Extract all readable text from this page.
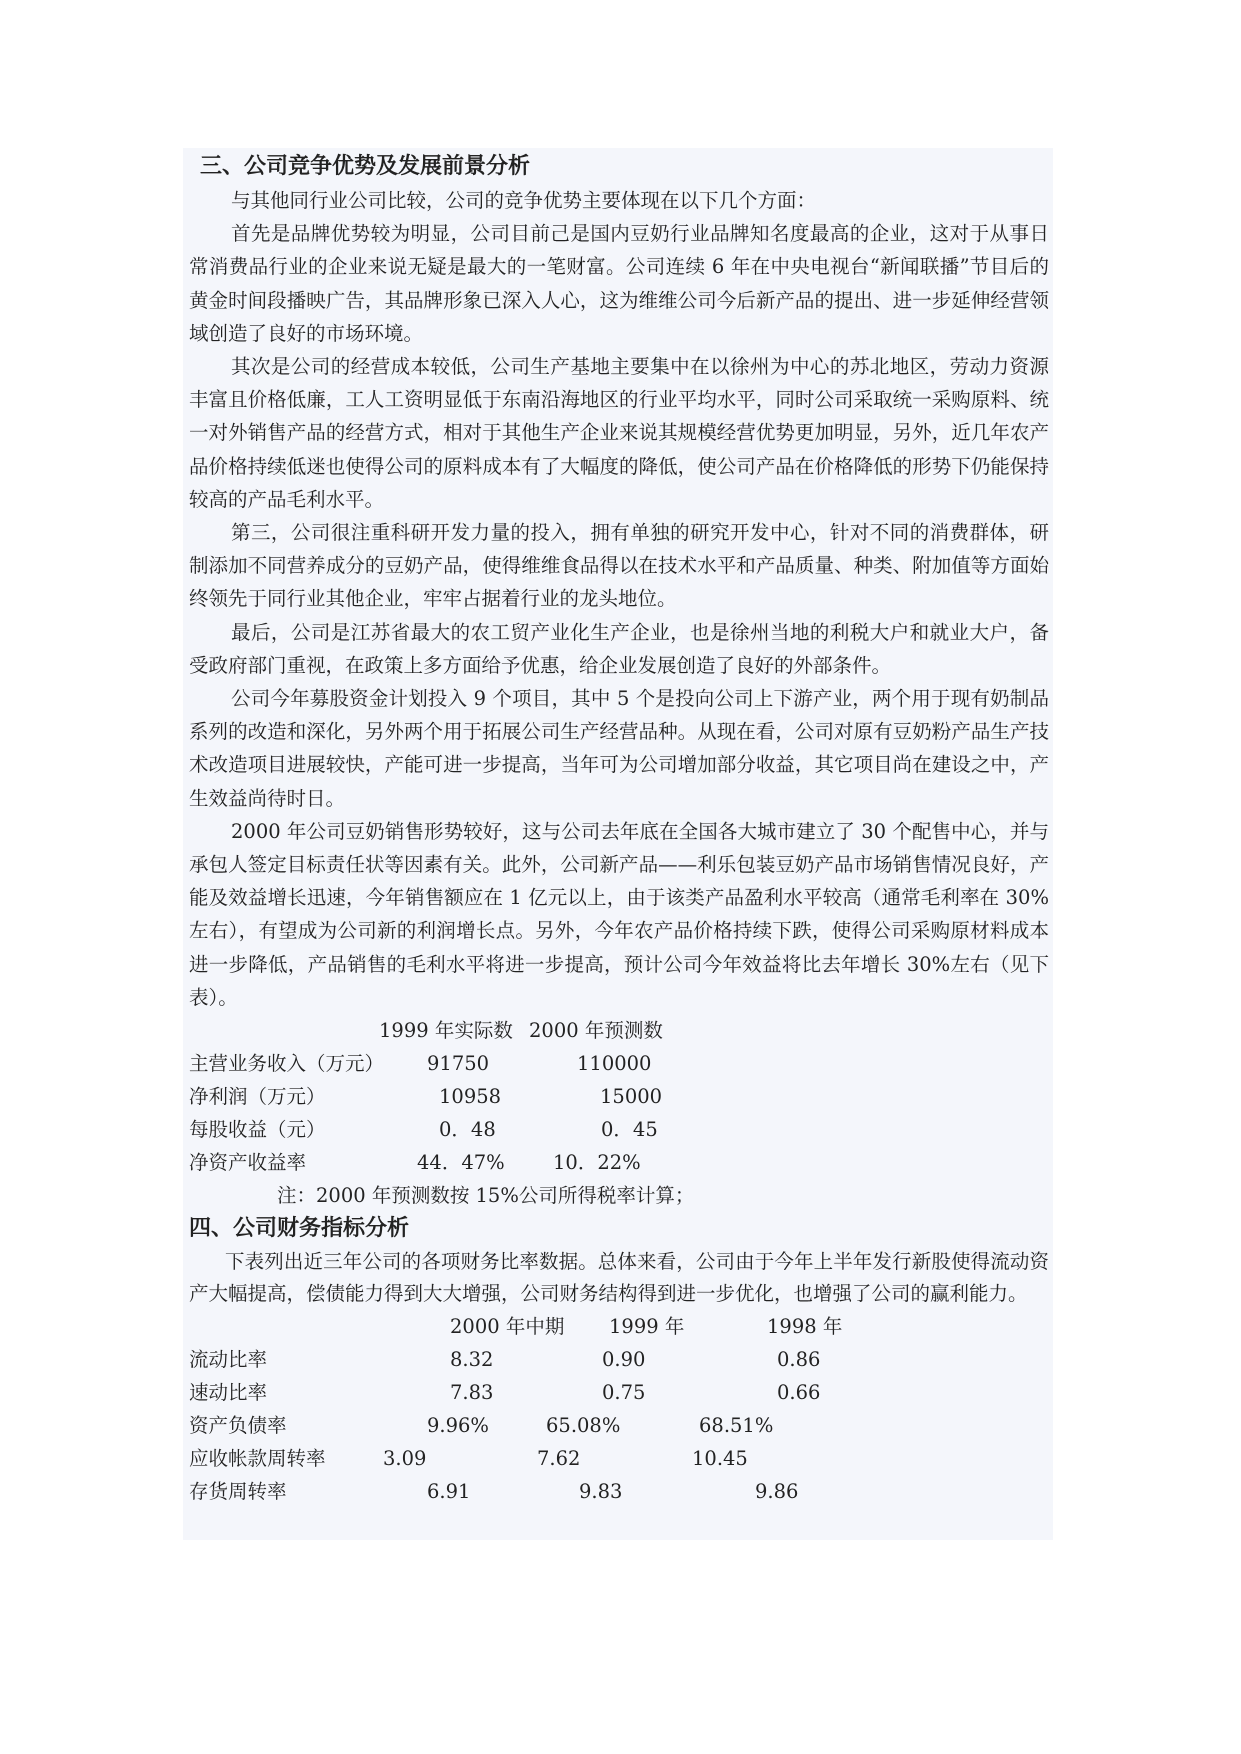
三、公司竞争优势及发展前景分析
与其他同行业公司比较，公司的竞争优势主要体现在以下几个方面：
首先是品牌优势较为明显，公司目前己是国内豆奶行业品牌知名度最高的企业，这对于从事日常消费品行业的企业来说无疑是最大的一笔财富。公司连续 6 年在中央电视台“新闻联播”节目后的黄金时间段播映广告，其品牌形象已深入人心，这为维维公司今后新产品的提出、进一步延伸经营领域创造了良好的市场环境。
其次是公司的经营成本较低，公司生产基地主要集中在以徐州为中心的苏北地区，劳动力资源丰富且价格低廉，工人工资明显低于东南沿海地区的行业平均水平，同时公司采取统一采购原料、统一对外销售产品的经营方式，相对于其他生产企业来说其规模经营优势更加明显，另外，近几年农产品价格持续低迷也使得公司的原料成本有了大幅度的降低，使公司产品在价格降低的形势下仍能保持较高的产品毛利水平。
第三，公司很注重科研开发力量的投入，拥有单独的研究开发中心，针对不同的消费群体，研制添加不同营养成分的豆奶产品，使得维维食品得以在技术水平和产品质量、种类、附加值等方面始终领先于同行业其他企业，牢牢占据着行业的龙头地位。
最后，公司是江苏省最大的农工贸产业化生产企业，也是徐州当地的利税大户和就业大户，备受政府部门重视，在政策上多方面给予优惠，给企业发展创造了良好的外部条件。
公司今年募股资金计划投入 9 个项目，其中 5 个是投向公司上下游产业，两个用于现有奶制品系列的改造和深化，另外两个用于拓展公司生产经营品种。从现在看，公司对原有豆奶粉产品生产技术改造项目进展较快，产能可进一步提高，当年可为公司增加部分收益，其它项目尚在建设之中，产生效益尚待时日。
2000 年公司豆奶销售形势较好，这与公司去年底在全国各大城市建立了 30 个配售中心，并与承包人签定目标责任状等因素有关。此外，公司新产品——利乐包装豆奶产品市场销售情况良好，产能及效益增长迅速，今年销售额应在 1 亿元以上，由于该类产品盈利水平较高（通常毛利率在 30%左右），有望成为公司新的利润增长点。另外，今年农产品价格持续下跌，使得公司采购原材料成本进一步降低，产品销售的毛利水平将进一步提高，预计公司今年效益将比去年增长 30%左右（见下表）。
1999 年实际数 2000 年预测数
主营业务收入（万元） 91750	110000
净利润（万元）	10958	15000
每股收益（元）	0．48	0．45
净资产收益率	44．47% 10．22%
注：2000 年预测数按 15%公司所得税率计算；
四、公司财务指标分析
下表列出近三年公司的各项财务比率数据。总体来看，公司由于今年上半年发行新股使得流动资产大幅提高，偿债能力得到大大增强，公司财务结构得到进一步优化，也增强了公司的赢利能力。
2000 年中期 1999 年	1998 年
流动比率	8.32	0.90	0.86
速动比率	7.83	0.75	0.66
资产负债率	9.96%	65.08%	68.51%
应收帐款周转率	3.09	7.62	10.45
存货周转率	6.91	9.83	9.86
